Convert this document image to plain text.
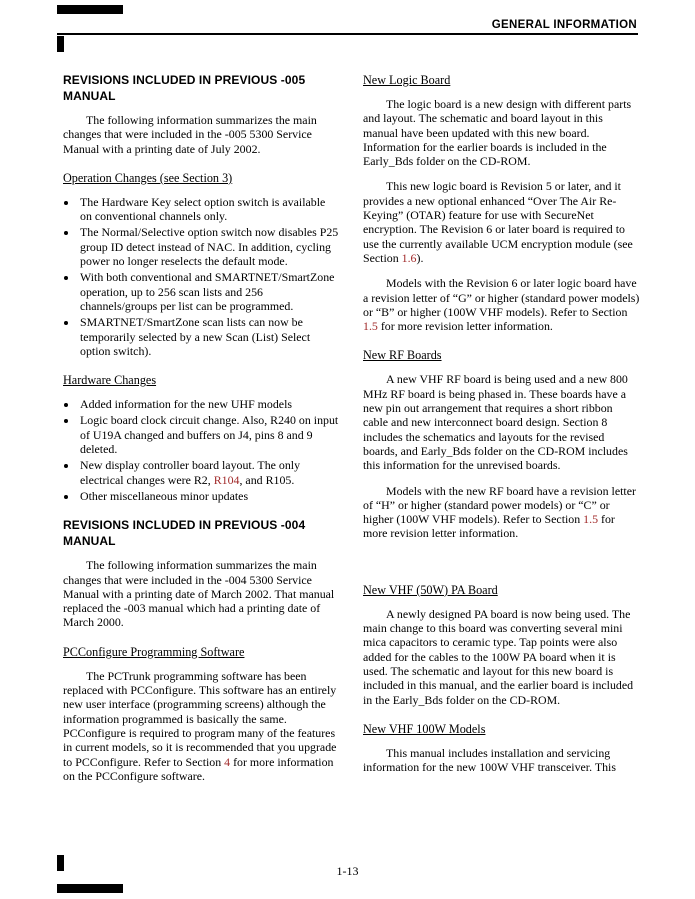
GENERAL INFORMATION
REVISIONS INCLUDED IN PREVIOUS -005 MANUAL

The following information summarizes the main changes that were included in the -005 5300 Service Manual with a printing date of July 2002.

Operation Changes (see Section 3)
• The Hardware Key select option switch is available on conventional channels only.
• The Normal/Selective option switch now disables P25 group ID detect instead of NAC. In addition, cycling power no longer reselects the default mode.
• With both conventional and SMARTNET/SmartZone operation, up to 256 scan lists and 256 channels/groups per list can be programmed.
• SMARTNET/SmartZone scan lists can now be temporarily selected by a new Scan (List) Select option switch).
Hardware Changes
• Added information for the new UHF models
• Logic board clock circuit change. Also, R240 on input of U19A changed and buffers on J4, pins 8 and 9 deleted.
• New display controller board layout. The only electrical changes were R2, R104, and R105.
• Other miscellaneous minor updates
REVISIONS INCLUDED IN PREVIOUS -004 MANUAL

The following information summarizes the main changes that were included in the -004 5300 Service Manual with a printing date of March 2002. That manual replaced the -003 manual which had a printing date of March 2000.

PCConfigure Programming Software

The PCTrunk programming software has been replaced with PCConfigure. This software has an entirely new user interface (programming screens) although the information programmed is basically the same. PCConfigure is required to program many of the features in current models, so it is recommended that you upgrade to PCConfigure. Refer to Section 4 for more information on the PCConfigure software.

New Logic Board

The logic board is a new design with different parts and layout. The schematic and board layout in this manual have been updated with this new board. Information for the earlier boards is included in the Early_Bds folder on the CD-ROM.

This new logic board is Revision 5 or later, and it provides a new optional enhanced “Over The Air Re-Keying” (OTAR) feature for use with SecureNet encryption. The Revision 6 or later board is required to use the currently available UCM encryption module (see Section 1.6).

Models with the Revision 6 or later logic board have a revision letter of “G” or higher (standard power models) or “B” or higher (100W VHF models). Refer to Section 1.5 for more revision letter information.

New RF Boards

A new VHF RF board is being used and a new 800 MHz RF board is being phased in. These boards have a new pin out arrangement that requires a short ribbon cable and new interconnect board design. Section 8 includes the schematics and layouts for the revised boards, and Early_Bds folder on the CD-ROM includes this information for the unrevised boards.

Models with the new RF board have a revision letter of “H” or higher (standard power models) or “C” or higher (100W VHF models). Refer to Section 1.5 for more revision letter information.

New VHF (50W) PA Board

A newly designed PA board is now being used. The main change to this board was converting several mini mica capacitors to ceramic type. Tap points were also added for the cables to the 100W PA board when it is used. The schematic and layout for this new board is included in this manual, and the earlier board is included in the Early_Bds folder on the CD-ROM.

New VHF 100W Models

This manual includes installation and servicing information for the new 100W VHF transceiver. This

1-13
